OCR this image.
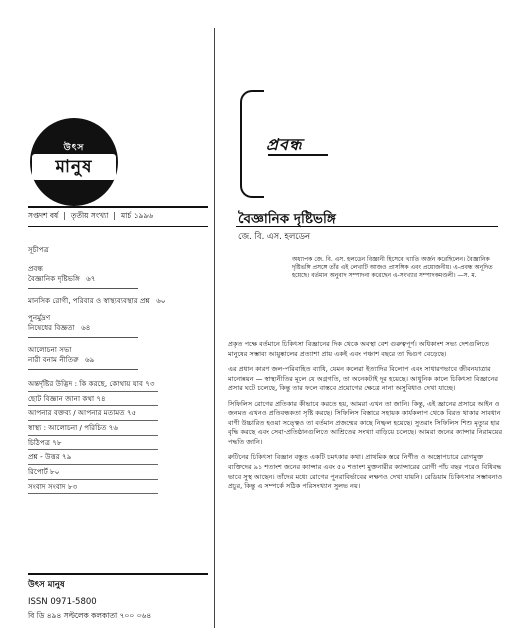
উৎস
মানুষ
সপ্তদশ বর্ষ | তৃতীয় সংখ্যা | মার্চ ১৯৯৬
সূচীপত্র
প্রবন্ধ
বৈজ্ঞানিক দৃষ্টিভঙ্গি ৬৭
মানসিক রোগী, পরিবার ও স্বাস্থ্যব্যবস্থার প্রশ্ন ৬০
পুনর্মুদ্রণ
নিষেধের বিজ্ঞতা ৬৪
আলোচনা সভা
নারী বনাম নীতিরু ৬৯
অন্তর্দৃষ্টির উদ্ভিদ : কি করছে, কোথায় যাব ৭৩
ছোট বিজ্ঞান জানা কথা ৭৪
আপনার বক্তব্য / আপনার মতামত ৭৫
স্বাস্থ্য : আলোচনা / পরিচিত ৭৬
চিঠিপত্র ৭৮
প্রশ্ন - উত্তর ৭৯
রিপোর্ট ৮০
সংবাদ সংবাদ ৮৩
উৎস মানুষ
ISSN 0971-5800
বি ডি ৪৯৪ সল্টলেক কলকাতা ৭০০ ০৬৪
প্রবন্ধ
বৈজ্ঞানিক দৃষ্টিভঙ্গি
জে. বি. এস. হলডেন
অধ্যাপক জে. বি. এস. হলডেন বিজ্ঞানী হিসেবে খ্যাতি অর্জন করেছিলেন। বৈজ্ঞানিক দৃষ্টিভঙ্গি প্রসঙ্গে তাঁর এই লেখাটি আজও প্রাসঙ্গিক এবং প্রয়োজনীয়। এ-প্রবন্ধ অনূদিত হয়েছে। বর্তমান অনুবাদ সম্পাদনা করেছেন এ-সংখ্যার সম্পাদকমণ্ডলী। —স. ম.

প্রকৃত পক্ষে বর্তমানে চিকিৎসা বিজ্ঞানের দিক থেকে অবস্থা বেশ গুরুত্বপূর্ণ। অধিকাংশ সভ্য দেশগুলিতে মানুষের সম্ভাব্য আয়ুষ্কালের প্রত্যাশা প্রায় একই এবং পঞ্চাশ বছরে তা দ্বিগুণ বেড়েছে।

এর প্রধান কারণ জল-পরিবাহিত ব্যাধি, যেমন কলেরা ইত্যাদির বিলোপ এবং সাধারণভাবে জীবনযাত্রার মানোন্নয়ন — স্বাস্থ্যনীতির মূলে যে অগ্রগতি, তা অনেকটাই দূর হয়েছে। আধুনিক কালে চিকিৎসা বিজ্ঞানের প্রসার ঘটে চলেছে, কিন্তু তার ফলে বাস্তবে প্রয়োগের ক্ষেত্রে নানা অসুবিধাও দেখা যাচ্ছে।

সিফিলিস রোগের প্রতিকার কীভাবে করতে হয়, আমরা এখন তা জানি। কিন্তু, এই জ্ঞানের প্রসারে আইন ও জনমত এখনও প্রতিবন্ধকতা সৃষ্টি করছে। সিফিলিস বিস্তারে সহায়ক কার্যকলাপ থেকে বিরত থাকার সাবধান বাণী উচ্চারিত হওয়া সত্ত্বেও তা বর্তমান প্রজন্মের কাছে নিষ্ফল হয়েছে। সুতরাং সিফিলিস শিশু মৃত্যুর হার বৃদ্ধি করছে এবং সেবা-প্রতিষ্ঠানগুলিতে আশ্রিতের সংখ্যা বাড়িয়ে চলেছে। আমরা জনের ক্যান্সার নিরাময়ের পদ্ধতি জানি।

রুটিনের চিকিৎসা বিজ্ঞান বস্তুত একটি চমৎকার কথা। প্রাথমিক স্তরে নির্ণীত ও অস্ত্রোপচারে রোগমুক্ত ব্যক্তিদের ৯১ শতাংশ জনের ক্যান্সার এবং ৫০ শতাংশ মুক্তনারীর ক্যান্সারের রোগী পাঁচ বছর পরেও বিধিবদ্ধ ভাবে সুস্থ আছেন। তাঁদের মধ্যে রোগের পুনরাবির্ভাবের লক্ষণও দেখা যায়নি। রেডিয়াম চিকিৎসার সম্ভাবনাও প্রচুর, কিন্তু এ সম্পর্কে সঠিক পরিসংখ্যান সুলভ নয়।
